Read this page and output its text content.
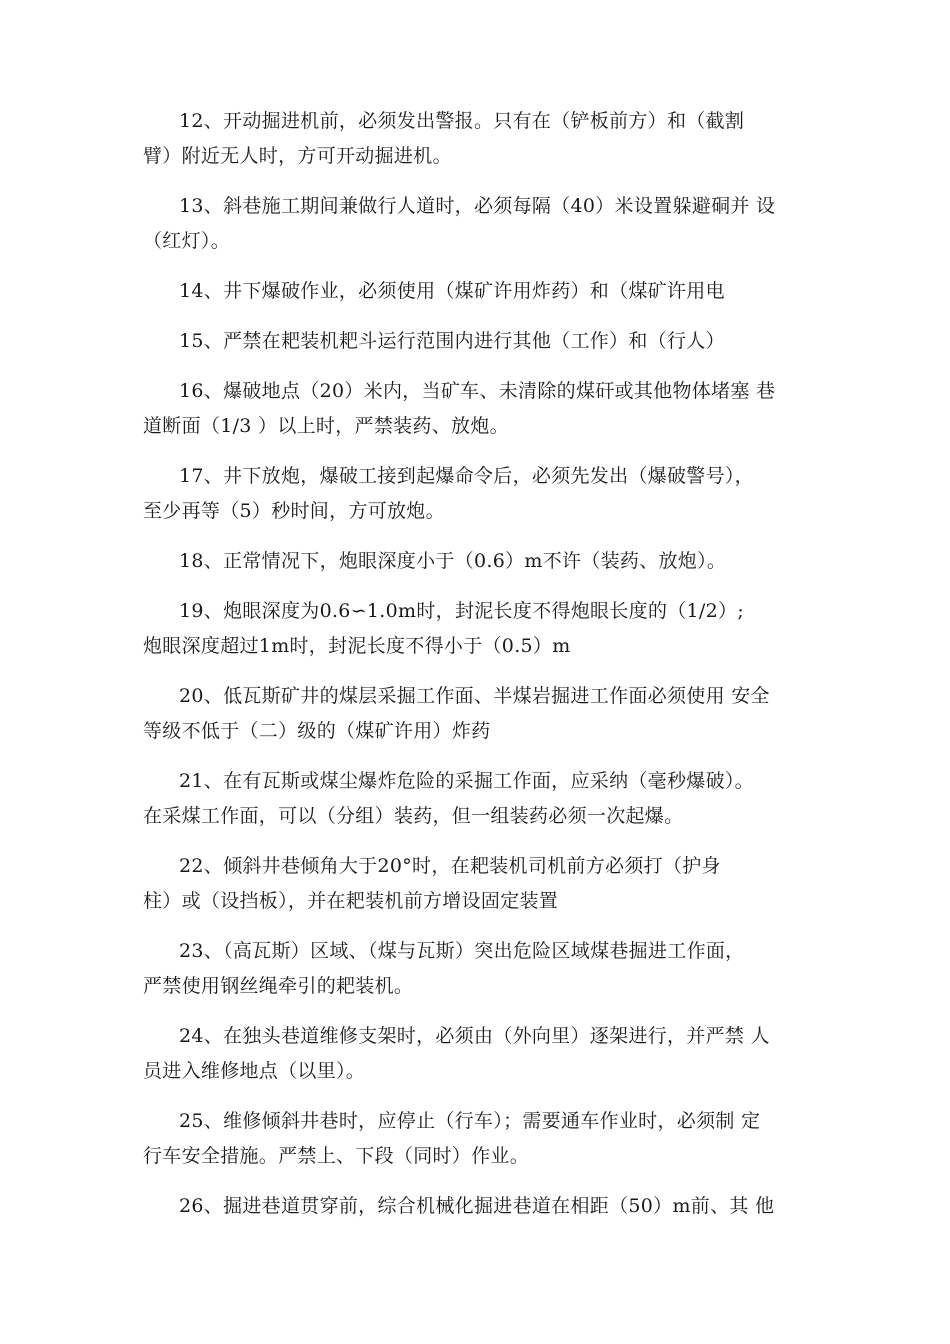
12、开动掘进机前，必须发出警报。只有在（铲板前方）和（截割
臂）附近无人时，方可开动掘进机。

13、斜巷施工期间兼做行人道时，必须每隔（40）米设置躲避硐并 设
（红灯）。

14、井下爆破作业，必须使用（煤矿许用炸药）和（煤矿许用电

15、严禁在耙装机耙斗运行范围内进行其他（工作）和（行人）

16、爆破地点（20）米内，当矿车、未清除的煤矸或其他物体堵塞 巷
道断面（1/3 ）以上时，严禁装药、放炮。

17、井下放炮，爆破工接到起爆命令后，必须先发出（爆破警号），
至少再等（5）秒时间，方可放炮。

18、正常情况下，炮眼深度小于（0.6）m不许（装药、放炮）。

19、炮眼深度为0.6∽1.0m时，封泥长度不得炮眼长度的（1/2）;
炮眼深度超过1m时，封泥长度不得小于（0.5）m

20、低瓦斯矿井的煤层采掘工作面、半煤岩掘进工作面必须使用 安全
等级不低于（二）级的（煤矿许用）炸药

21、在有瓦斯或煤尘爆炸危险的采掘工作面，应采纳（毫秒爆破）。
在采煤工作面，可以（分组）装药，但一组装药必须一次起爆。

22、倾斜井巷倾角大于20°时，在耙装机司机前方必须打（护身
柱）或（设挡板），并在耙装机前方增设固定装置

23、（高瓦斯）区域、（煤与瓦斯）突出危险区域煤巷掘进工作面，
严禁使用钢丝绳牵引的耙装机。

24、在独头巷道维修支架时，必须由（外向里）逐架进行，并严禁 人
员进入维修地点（以里）。

25、维修倾斜井巷时，应停止（行车）；需要通车作业时，必须制 定
行车安全措施。严禁上、下段（同时）作业。

26、掘进巷道贯穿前，综合机械化掘进巷道在相距（50）m前、其 他
